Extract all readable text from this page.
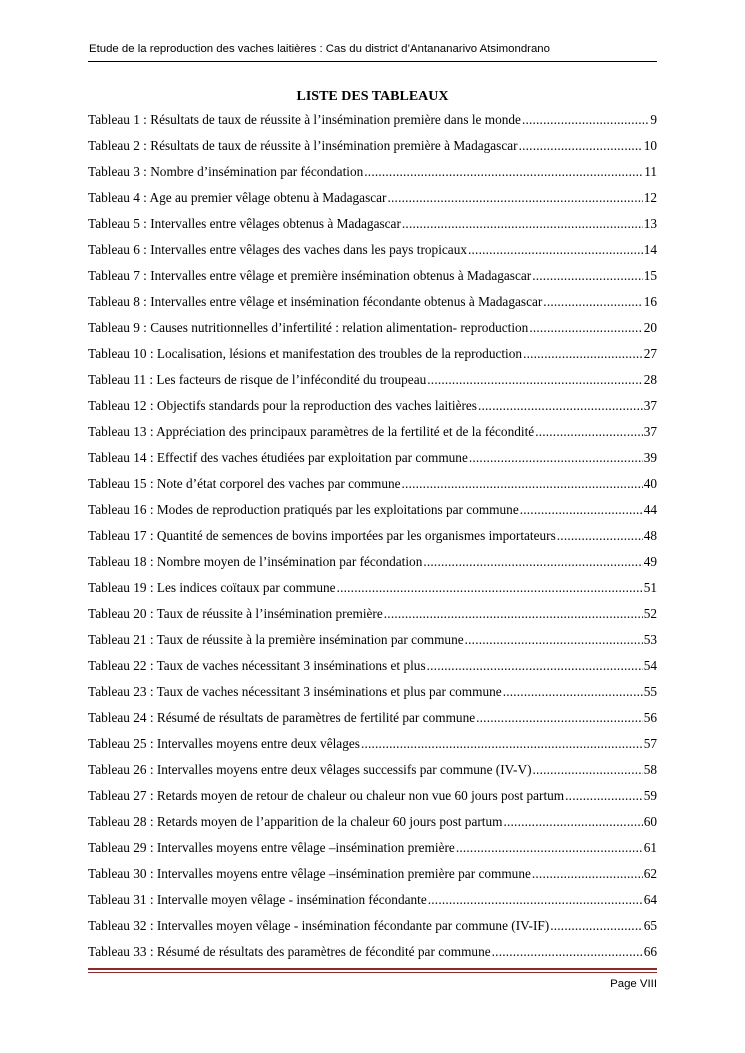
Etude de la reproduction des vaches laitières : Cas du district d’Antananarivo Atsimondrano
LISTE DES TABLEAUX
Tableau 1 : Résultats de taux de réussite à l’insémination première dans le monde .....	9
Tableau 2 : Résultats de taux de réussite à l’insémination première à Madagascar .....	10
Tableau 3 : Nombre d’insémination par fécondation .....	11
Tableau 4 : Age au premier vêlage obtenu à Madagascar .....	12
Tableau 5 : Intervalles entre vêlages obtenus à Madagascar .....	13
Tableau 6 : Intervalles entre vêlages des vaches dans les pays tropicaux .....	14
Tableau 7 : Intervalles entre vêlage et première insémination obtenus à Madagascar .....	15
Tableau 8 : Intervalles entre vêlage et insémination fécondante obtenus à Madagascar .....	16
Tableau 9 : Causes nutritionnelles d’infertilité : relation alimentation- reproduction .....	20
Tableau 10 : Localisation, lésions et manifestation des troubles de la reproduction .....	27
Tableau 11 : Les facteurs de risque de l’infécondité du troupeau .....	28
Tableau 12 : Objectifs standards pour la reproduction des vaches laitières .....	37
Tableau 13 : Appréciation des principaux paramètres de la fertilité et de la fécondité .....	37
Tableau 14 : Effectif des vaches étudiées par exploitation par commune .....	39
Tableau 15 : Note d’état corporel des vaches par commune .....	40
Tableau 16 : Modes de reproduction pratiqués par les exploitations par commune .....	44
Tableau 17 : Quantité de semences de bovins importées par les organismes importateurs .....	48
Tableau 18 : Nombre moyen de l’insémination par fécondation .....	49
Tableau 19 : Les indices coïtaux par commune .....	51
Tableau 20 : Taux de réussite à l’insémination première .....	52
Tableau 21 : Taux de réussite à la première insémination par commune .....	53
Tableau 22 : Taux de vaches nécessitant 3 inséminations et plus .....	54
Tableau 23 : Taux de vaches nécessitant 3 inséminations et plus par commune .....	55
Tableau 24 : Résumé de résultats de paramètres de fertilité par commune .....	56
Tableau 25 : Intervalles moyens entre deux vêlages .....	57
Tableau 26 : Intervalles moyens entre deux vêlages successifs par commune (IV-V) .....	58
Tableau 27 : Retards moyen de retour de chaleur ou chaleur non vue 60 jours post partum .....	59
Tableau 28 : Retards moyen de l’apparition de la chaleur 60 jours post partum .....	60
Tableau 29 : Intervalles moyens entre vêlage –insémination première .....	61
Tableau 30 : Intervalles moyens entre vêlage –insémination première par commune .....	62
Tableau 31 : Intervalle moyen vêlage - insémination fécondante .....	64
Tableau 32 : Intervalles moyen vêlage - insémination fécondante par commune (IV-IF) .....	65
Tableau 33 : Résumé de résultats des paramètres de fécondité par commune .....	66
Page VIII
